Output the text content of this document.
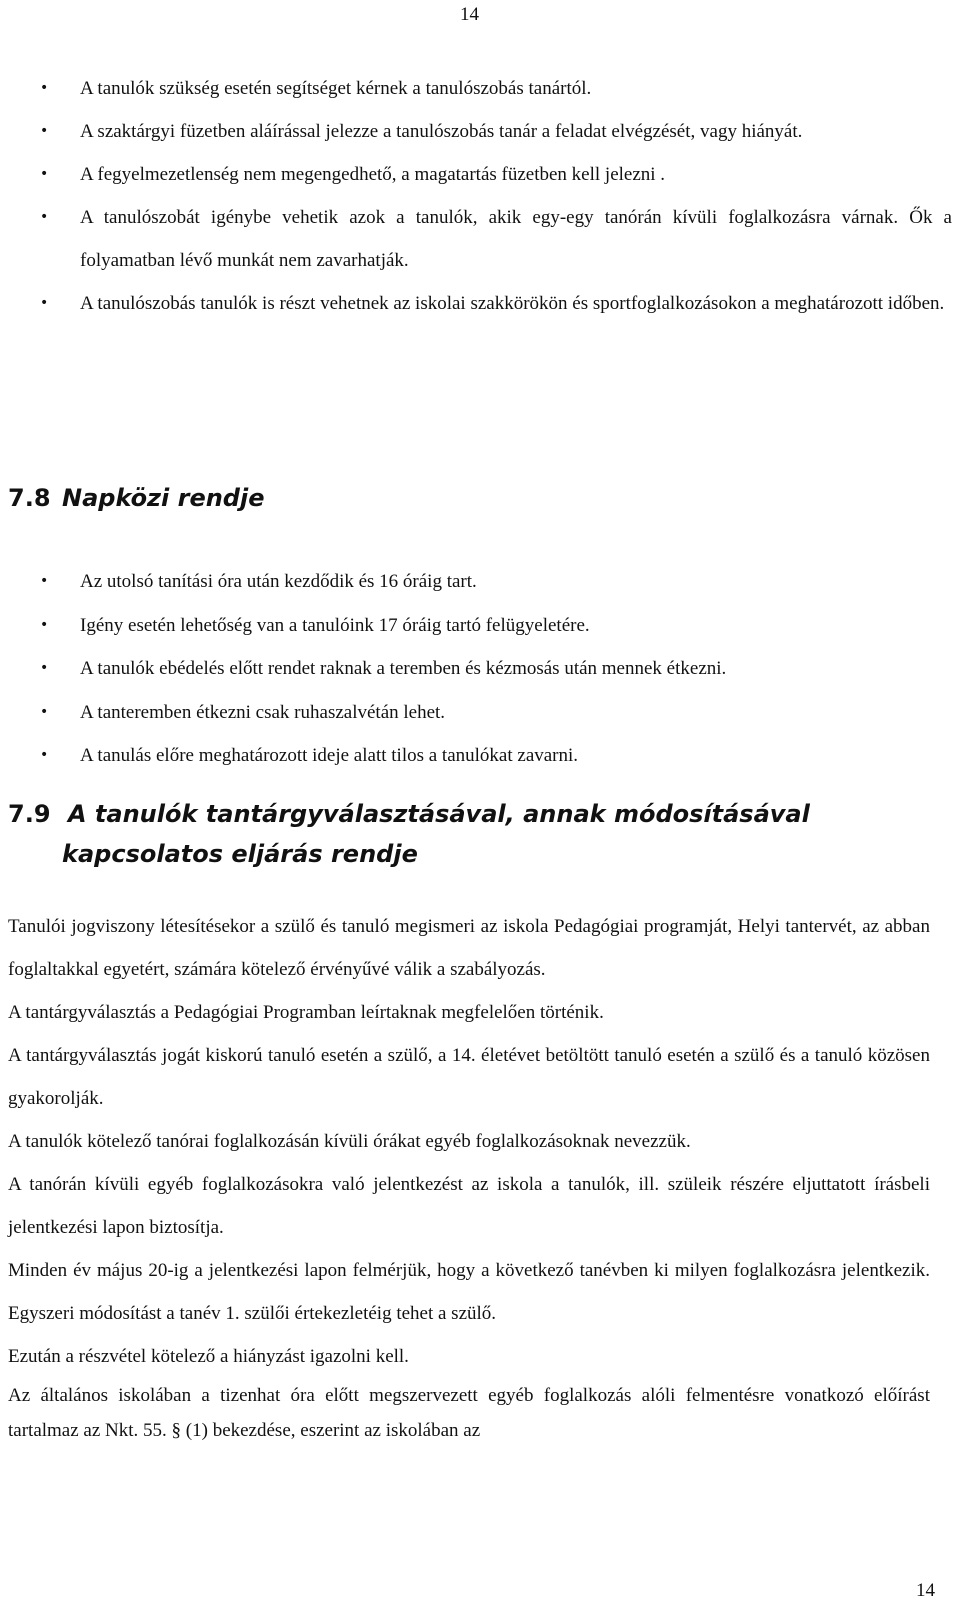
14
• A tanulók szükség esetén segítséget kérnek a tanulószobás tanártól.
• A szaktárgyi füzetben aláírással jelezze a tanulószobás tanár a feladat elvégzését, vagy hiányát.
• A fegyelmezetlenség nem megengedhető, a magatartás füzetben kell jelezni .
• A tanulószobát igénybe vehetik azok a tanulók, akik egy-egy tanórán kívüli foglalkozásra várnak. Ők a folyamatban lévő munkát nem zavarhatják.
• A tanulószobás tanulók is részt vehetnek az iskolai szakkörökön és sportfoglalkozásokon a meghatározott időben.
7.8 Napközi rendje
• Az utolsó tanítási óra után kezdődik és 16 óráig tart.
• Igény esetén lehetőség van a tanulóink 17 óráig tartó felügyeletére.
• A tanulók ebédelés előtt rendet raknak a teremben és kézmosás után mennek étkezni.
• A tanteremben étkezni csak ruhaszalvétán lehet.
• A tanulás előre meghatározott ideje alatt tilos a tanulókat zavarni.
7.9 A tanulók tantárgyválasztásával, annak módosításával
kapcsolatos eljárás rendje

Tanulói jogviszony létesítésekor a szülő és tanuló megismeri az iskola Pedagógiai programját, Helyi tantervét, az abban foglaltakkal egyetért, számára kötelező érvényűvé válik a szabályozás.

A tantárgyválasztás a Pedagógiai Programban leírtaknak megfelelően történik.

A tantárgyválasztás jogát kiskorú tanuló esetén a szülő, a 14. életévet betöltött tanuló esetén a szülő és a tanuló közösen gyakorolják.

A tanulók kötelező tanórai foglalkozásán kívüli órákat egyéb foglalkozásoknak nevezzük.

A tanórán kívüli egyéb foglalkozásokra való jelentkezést az iskola a tanulók, ill. szüleik részére eljuttatott írásbeli jelentkezési lapon biztosítja.

Minden év május 20-ig a jelentkezési lapon felmérjük, hogy a következő tanévben ki milyen foglalkozásra jelentkezik. Egyszeri módosítást a tanév 1. szülői értekezletéig tehet a szülő.

Ezután a részvétel kötelező a hiányzást igazolni kell.

Az általános iskolában a tizenhat óra előtt megszervezett egyéb foglalkozás alóli felmentésre vonatkozó előírást tartalmaz az Nkt. 55. § (1) bekezdése, eszerint az iskolában az

14
